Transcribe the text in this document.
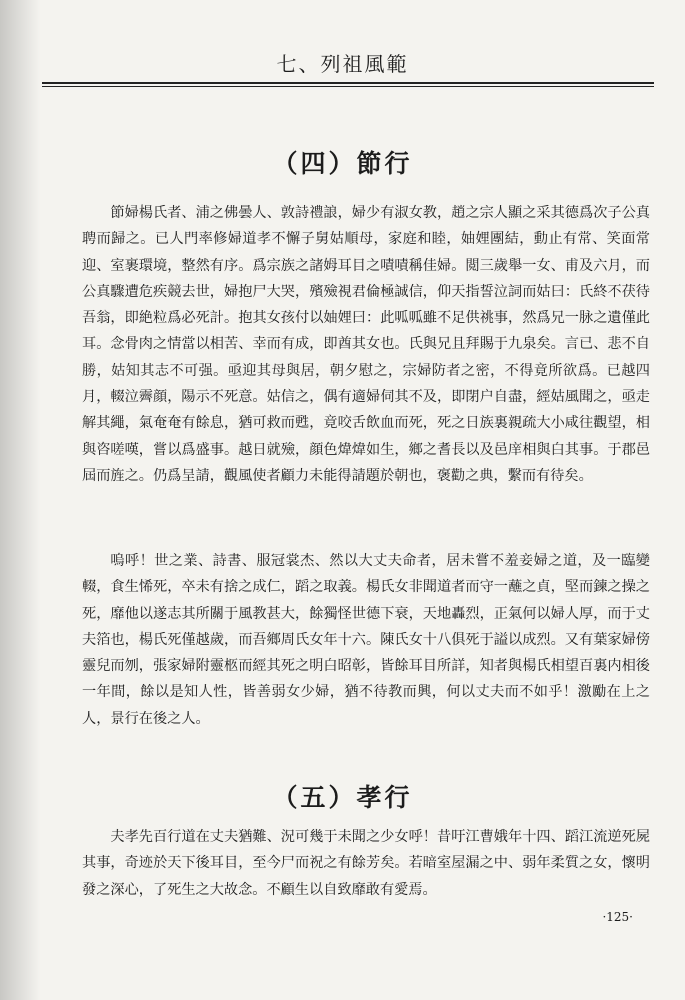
七、列祖風範
（四）節行

節婦楊氏者、浦之佛曇人、敦詩禮誏，婦少有淑女教，趙之宗人顯之采其德爲次子公真聘而歸之。已人門率修婦道孝不懈子舅姑順母，家庭和睦，妯娌團結，動止有常、笑面常迎、室裹環境，整然有序。爲宗族之諸姆耳目之嘖嘖稱佳婦。閲三歲舉一女、甫及六月，而公真驟遭危疾競去世，婦抱尸大哭，殯殮視君倫極誠信，仰天指誓泣詞而姑曰：氏終不茯待吾翁，即絶粒爲必死計。抱其女孩付以妯娌曰：此呱呱雖不足供祧事，然爲兄一脉之遺僅此耳。念骨肉之情當以相苦、幸而有成，即酋其女也。氏與兄且拜賜于九泉矣。言已、悲不自勝，姑知其志不可强。亟迎其母與居，朝夕慰之，宗婦防者之密，不得竟所欲爲。已越四月，輟泣霽顔，陽示不死意。姑信之，偶有適婦伺其不及，即閉户自盡，經姑風聞之，亟走解其繩，氣奄奄有餘息，猶可救而甦，竟咬舌飲血而死，死之日族裏親疏大小咸往觀望，相與咨嗟嘆，嘗以爲盛事。越日就殮，顔色煒煒如生，鄉之耆長以及邑庠相與白其事。于郡邑屆而旌之。仍爲呈請，觀風使者顧力未能得請題於朝也，褒勸之典，繫而有待矣。

嗚呼！世之業、詩書、服冠裳杰、然以大丈夫命者，居未嘗不羞妾婦之道，及一臨變輟，食生悕死，卒未有捨之成仁，蹈之取義。楊氏女非聞道者而守一蘸之貞，堅而鍊之操之死，靡他以遂志其所關于風教甚大，餘獨怪世德下衰，天地轟烈，正氣何以婦人厚，而于丈夫箔也，楊氏死僅越歲，而吾鄉周氏女年十六。陳氏女十八俱死于謚以成烈。又有葉家婦傍靈兒而刎，張家婦附靈柩而經其死之明白昭彰，皆餘耳目所詳，知者與楊氏相望百裏内相後一年間，餘以是知人性，皆善弱女少婦，猶不待教而興，何以丈夫而不如乎！激勵在上之人，景行在後之人。

（五）孝行

夫孝先百行道在丈夫猶難、況可幾于未聞之少女呼！昔吁江曹娥年十四、蹈江流逆死屍其事，奇迹於天下後耳目，至今尸而祝之有餘芳矣。若暗室屋漏之中、弱年柔質之女，懷明發之深心，了死生之大故念。不顧生以自致靡敢有愛焉。

·125·
